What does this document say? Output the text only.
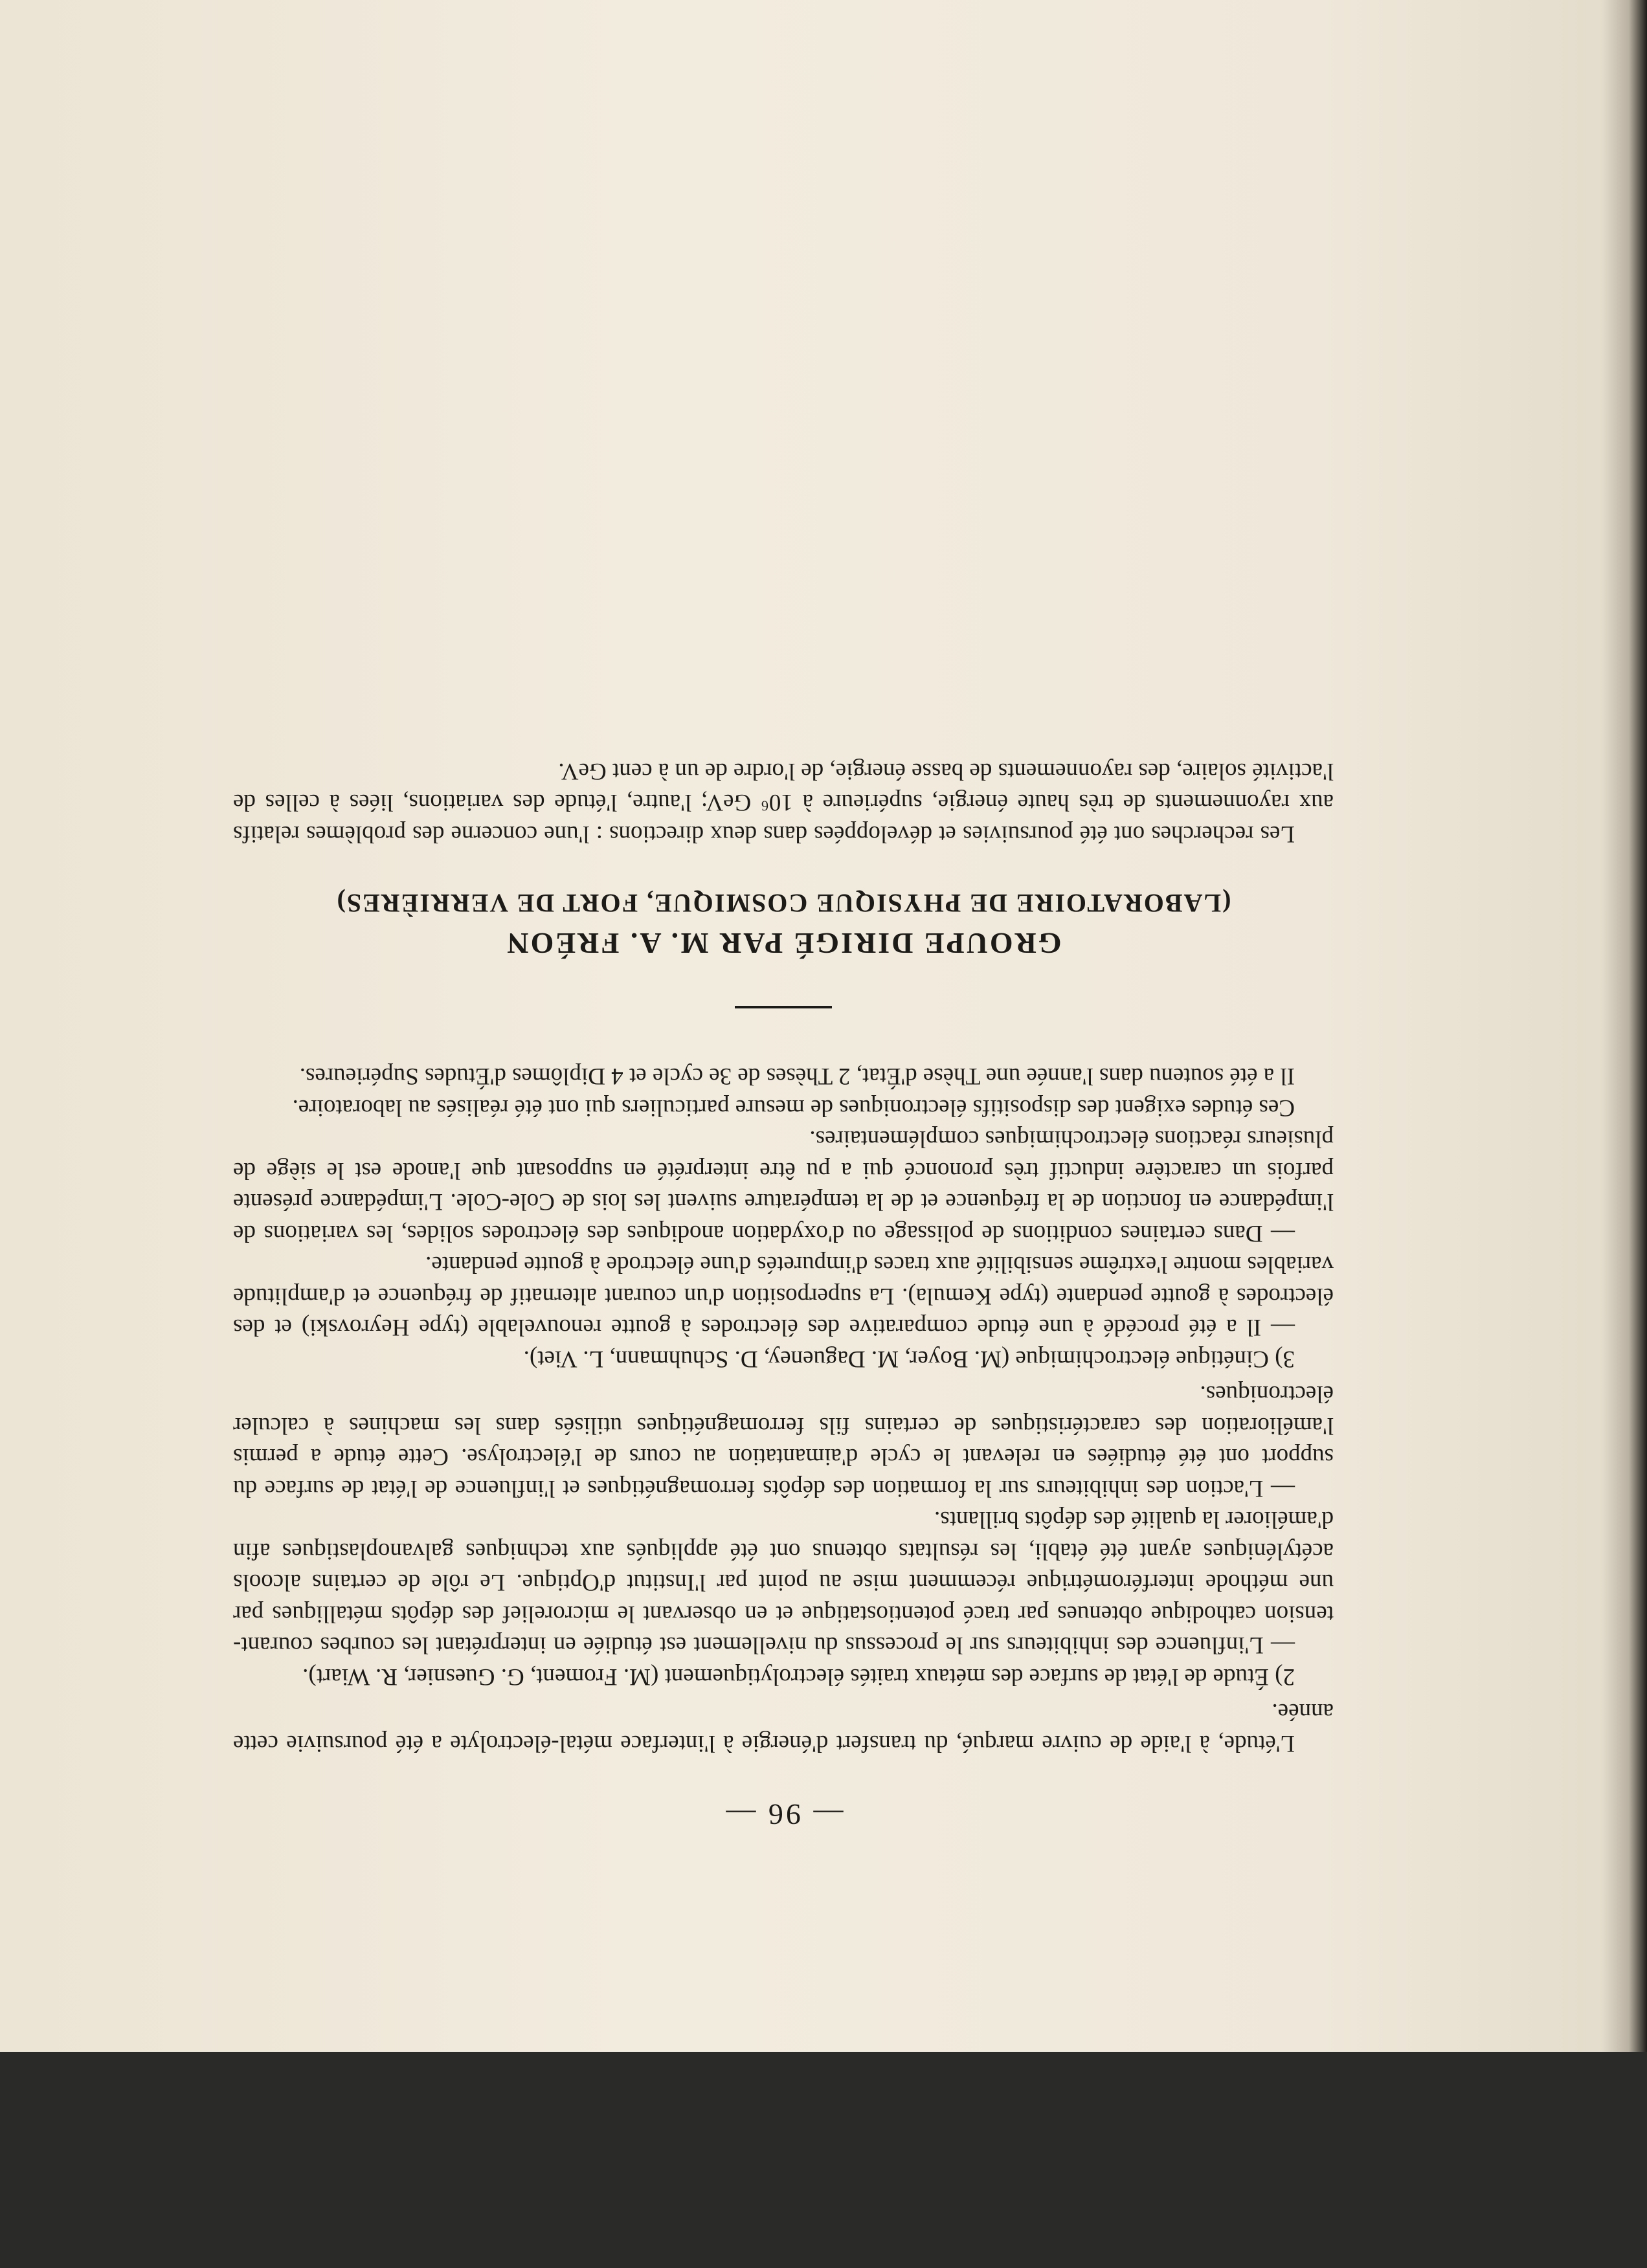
— 96 —

L'étude, à l'aide de cuivre marqué, du transfert d'énergie à l'interface métal-électrolyte a été poursuivie cette année.

2) Étude de l'état de surface des métaux traités électrolytiquement (M. Froment, G. Guesnier, R. Wiart).

— L'influence des inhibiteurs sur le processus du nivellement est étudiée en interprétant les courbes courant-tension cathodique obtenues par tracé potentiostatique et en observant le microrelief des dépôts métalliques par une méthode interférométrique récemment mise au point par l'Institut d'Optique. Le rôle de certains alcools acétyléniques ayant été établi, les résultats obtenus ont été appliqués aux techniques galvanoplastiques afin d'améliorer la qualité des dépôts brillants.

— L'action des inhibiteurs sur la formation des dépôts ferromagnétiques et l'influence de l'état de surface du support ont été étudiées en relevant le cycle d'aimantation au cours de l'électrolyse. Cette étude a permis l'amélioration des caractéristiques de certains fils ferromagnétiques utilisés dans les machines à calculer électroniques.

3) Cinétique électrochimique (M. Boyer, M. Dagueney, D. Schuhmann, L. Viet).

— Il a été procédé à une étude comparative des électrodes à goutte renouvelable (type Heyrovski) et des électrodes à goutte pendante (type Kemula). La superposition d'un courant alternatif de fréquence et d'amplitude variables montre l'extrême sensibilité aux traces d'impuretés d'une électrode à goutte pendante.

— Dans certaines conditions de polissage ou d'oxydation anodiques des électrodes solides, les variations de l'impédance en fonction de la fréquence et de la température suivent les lois de Cole-Cole. L'impédance présente parfois un caractère inductif très prononcé qui a pu être interprété en supposant que l'anode est le siège de plusieurs réactions électrochimiques complémentaires.

Ces études exigent des dispositifs électroniques de mesure particuliers qui ont été réalisés au laboratoire.

Il a été soutenu dans l'année une Thèse d'État, 2 Thèses de 3e cycle et 4 Diplômes d'Études Supérieures.

GROUPE DIRIGÉ PAR M. A. FRÉON
(LABORATOIRE DE PHYSIQUE COSMIQUE, FORT DE VERRIÈRES)

Les recherches ont été poursuivies et développées dans deux directions : l'une concerne des problèmes relatifs aux rayonnements de très haute énergie, supérieure à 10⁶ GeV; l'autre, l'étude des variations, liées à celles de l'activité solaire, des rayonnements de basse énergie, de l'ordre de un à cent GeV.
